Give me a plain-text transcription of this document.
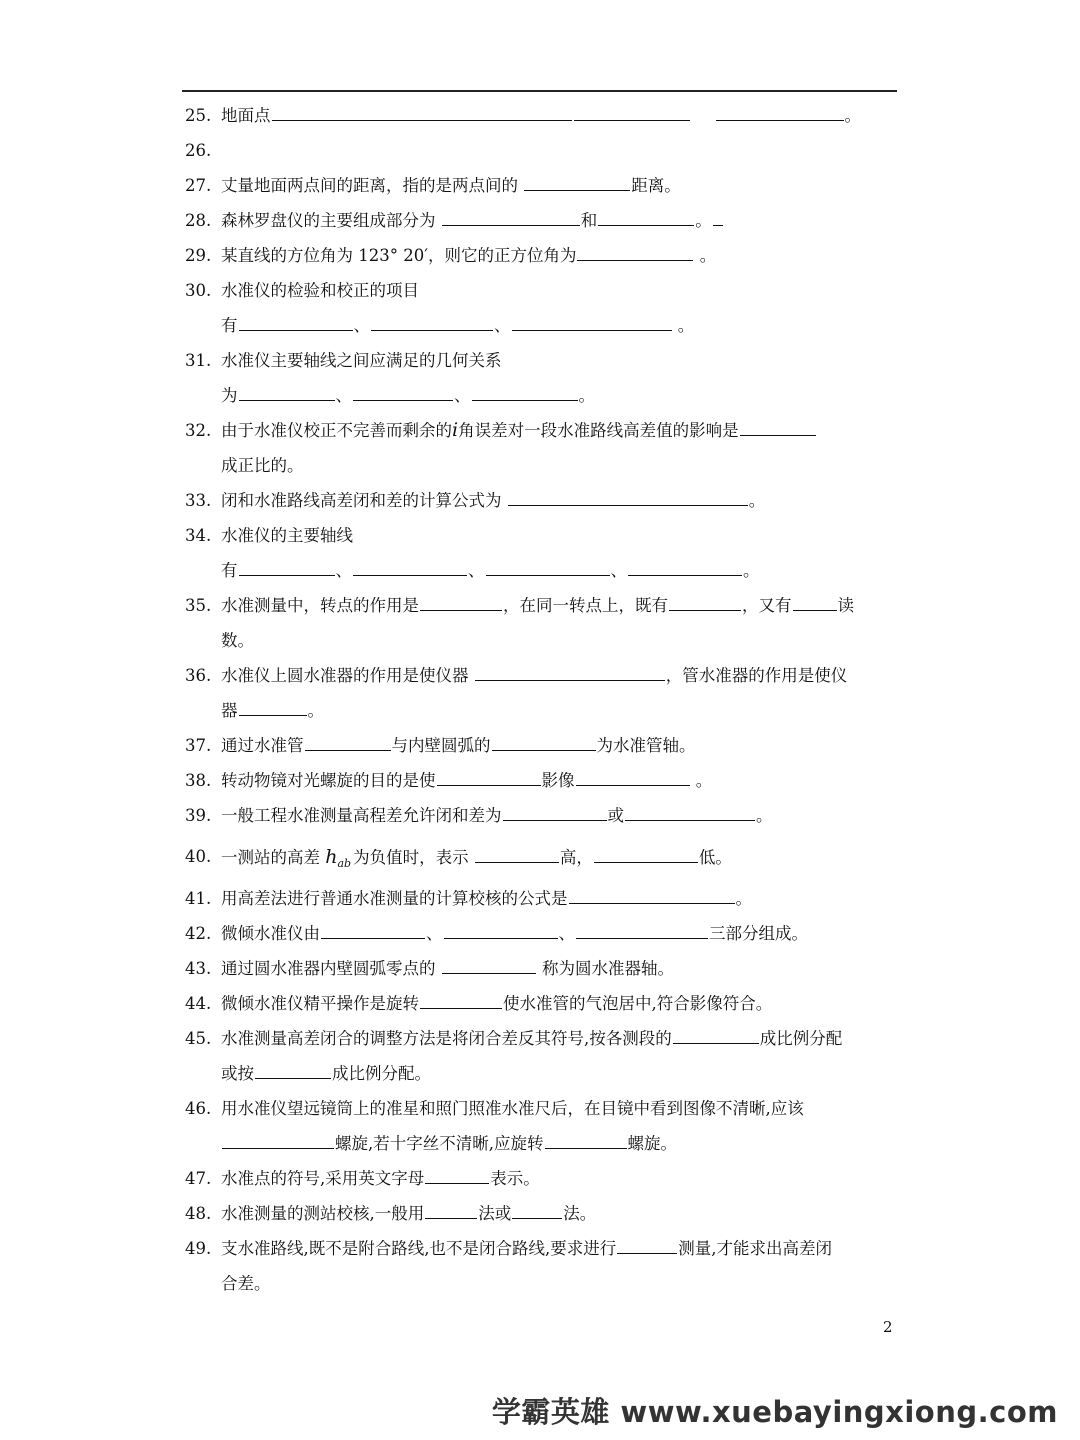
25. 地面点	。
26.
27. 丈量地面两点间的距离，指的是两点间的	距离。
28. 森林罗盘仪的主要组成部分为	和	。
29. 某直线的方位角为 123° 20′，则它的正方位角为	。
30. 水准仪的检验和校正的项目
有	、	、	。
31. 水准仪主要轴线之间应满足的几何关系
为	、	、	。
32. 由于水准仪校正不完善而剩余的i角误差对一段水准路线高差值的影响是
成正比的。
33. 闭和水准路线高差闭和差的计算公式为	。
34. 水准仪的主要轴线
有	、	、	、	。
35. 水准测量中，转点的作用是	，在同一转点上，既有	，又有	读
数。
36. 水准仪上圆水准器的作用是使仪器	，管水准器的作用是使仪
器	。
37. 通过水准管	与内壁圆弧的	为水准管轴。
38. 转动物镜对光螺旋的目的是使	影像	。
39. 一般工程水准测量高程差允许闭和差为	或	。
40. 一测站的高差 $h_{ab}$ 为负值时，表示	高，	低。
41. 用高差法进行普通水准测量的计算校核的公式是	。
42. 微倾水准仪由	、	、	三部分组成。
43. 通过圆水准器内壁圆弧零点的	称为圆水准器轴。
44. 微倾水准仪精平操作是旋转	使水准管的气泡居中,符合影像符合。
45. 水准测量高差闭合的调整方法是将闭合差反其符号,按各测段的	成比例分配
或按	成比例分配。
46. 用水准仪望远镜筒上的准星和照门照准水准尺后，在目镜中看到图像不清晰,应该
螺旋,若十字丝不清晰,应旋转	螺旋。
47. 水准点的符号,采用英文字母	表示。
48. 水准测量的测站校核,一般用	法或	法。
49. 支水准路线,既不是附合路线,也不是闭合路线,要求进行	测量,才能求出高差闭
合差。
2
学霸英雄 www.xuebayingxiong.com
